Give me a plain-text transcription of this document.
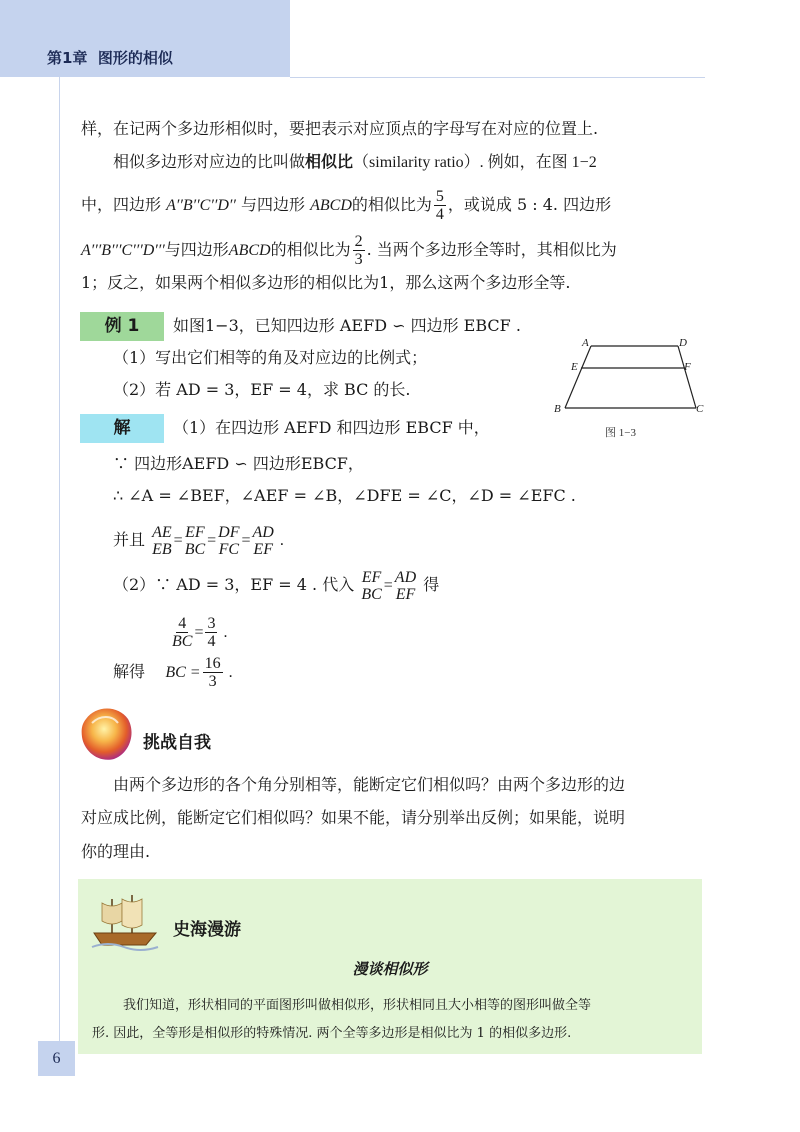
第1章 图形的相似
样，在记两个多边形相似时，要把表示对应顶点的字母写在对应的位置上.
相似多边形对应边的比叫做相似比（similarity ratio）. 例如，在图 1−2
中，四边形 A′′B′′C′′D′′ 与四边形 ABCD的相似比为 $\frac{5}{4}$ ，或说成 5 : 4. 四边形
A′′′B′′′C′′′D′′′与四边形ABCD的相似比为 $\frac{2}{3}$ . 当两个多边形全等时，其相似比为
1；反之，如果两个相似多边形的相似比为1，那么这两个多边形全等.
例 1	如图1−3，已知四边形 AEFD ∽ 四边形 EBCF .
（1）写出它们相等的角及对应边的比例式；
（2）若 AD = 3，EF = 4，求 BC 的长.
A	D
E	F
B	C
图 1−3
解	（1）在四边形 AEFD 和四边形 EBCF 中，
∵ 四边形AEFD ∽ 四边形EBCF，
∴ ∠A = ∠BEF，∠AEF = ∠B，∠DFE = ∠C，∠D = ∠EFC .
并且 AE
EB = EF
BC = DF
FC = AD
EF .
（2）∵ AD = 3，EF = 4 . 代入 EF
BC = AD
EF 得
$\frac{4}{BC} = \frac{3}{4}$ .
解得 BC = $\frac{16}{3}$ .
挑战自我
由两个多边形的各个角分别相等，能断定它们相似吗？由两个多边形的边
对应成比例，能断定它们相似吗？如果不能，请分别举出反例；如果能，说明
你的理由.
史海漫游
漫谈相似形
我们知道，形状相同的平面图形叫做相似形，形状相同且大小相等的图形叫做全等
形. 因此，全等形是相似形的特殊情况. 两个全等多边形是相似比为 1 的相似多边形.
6
